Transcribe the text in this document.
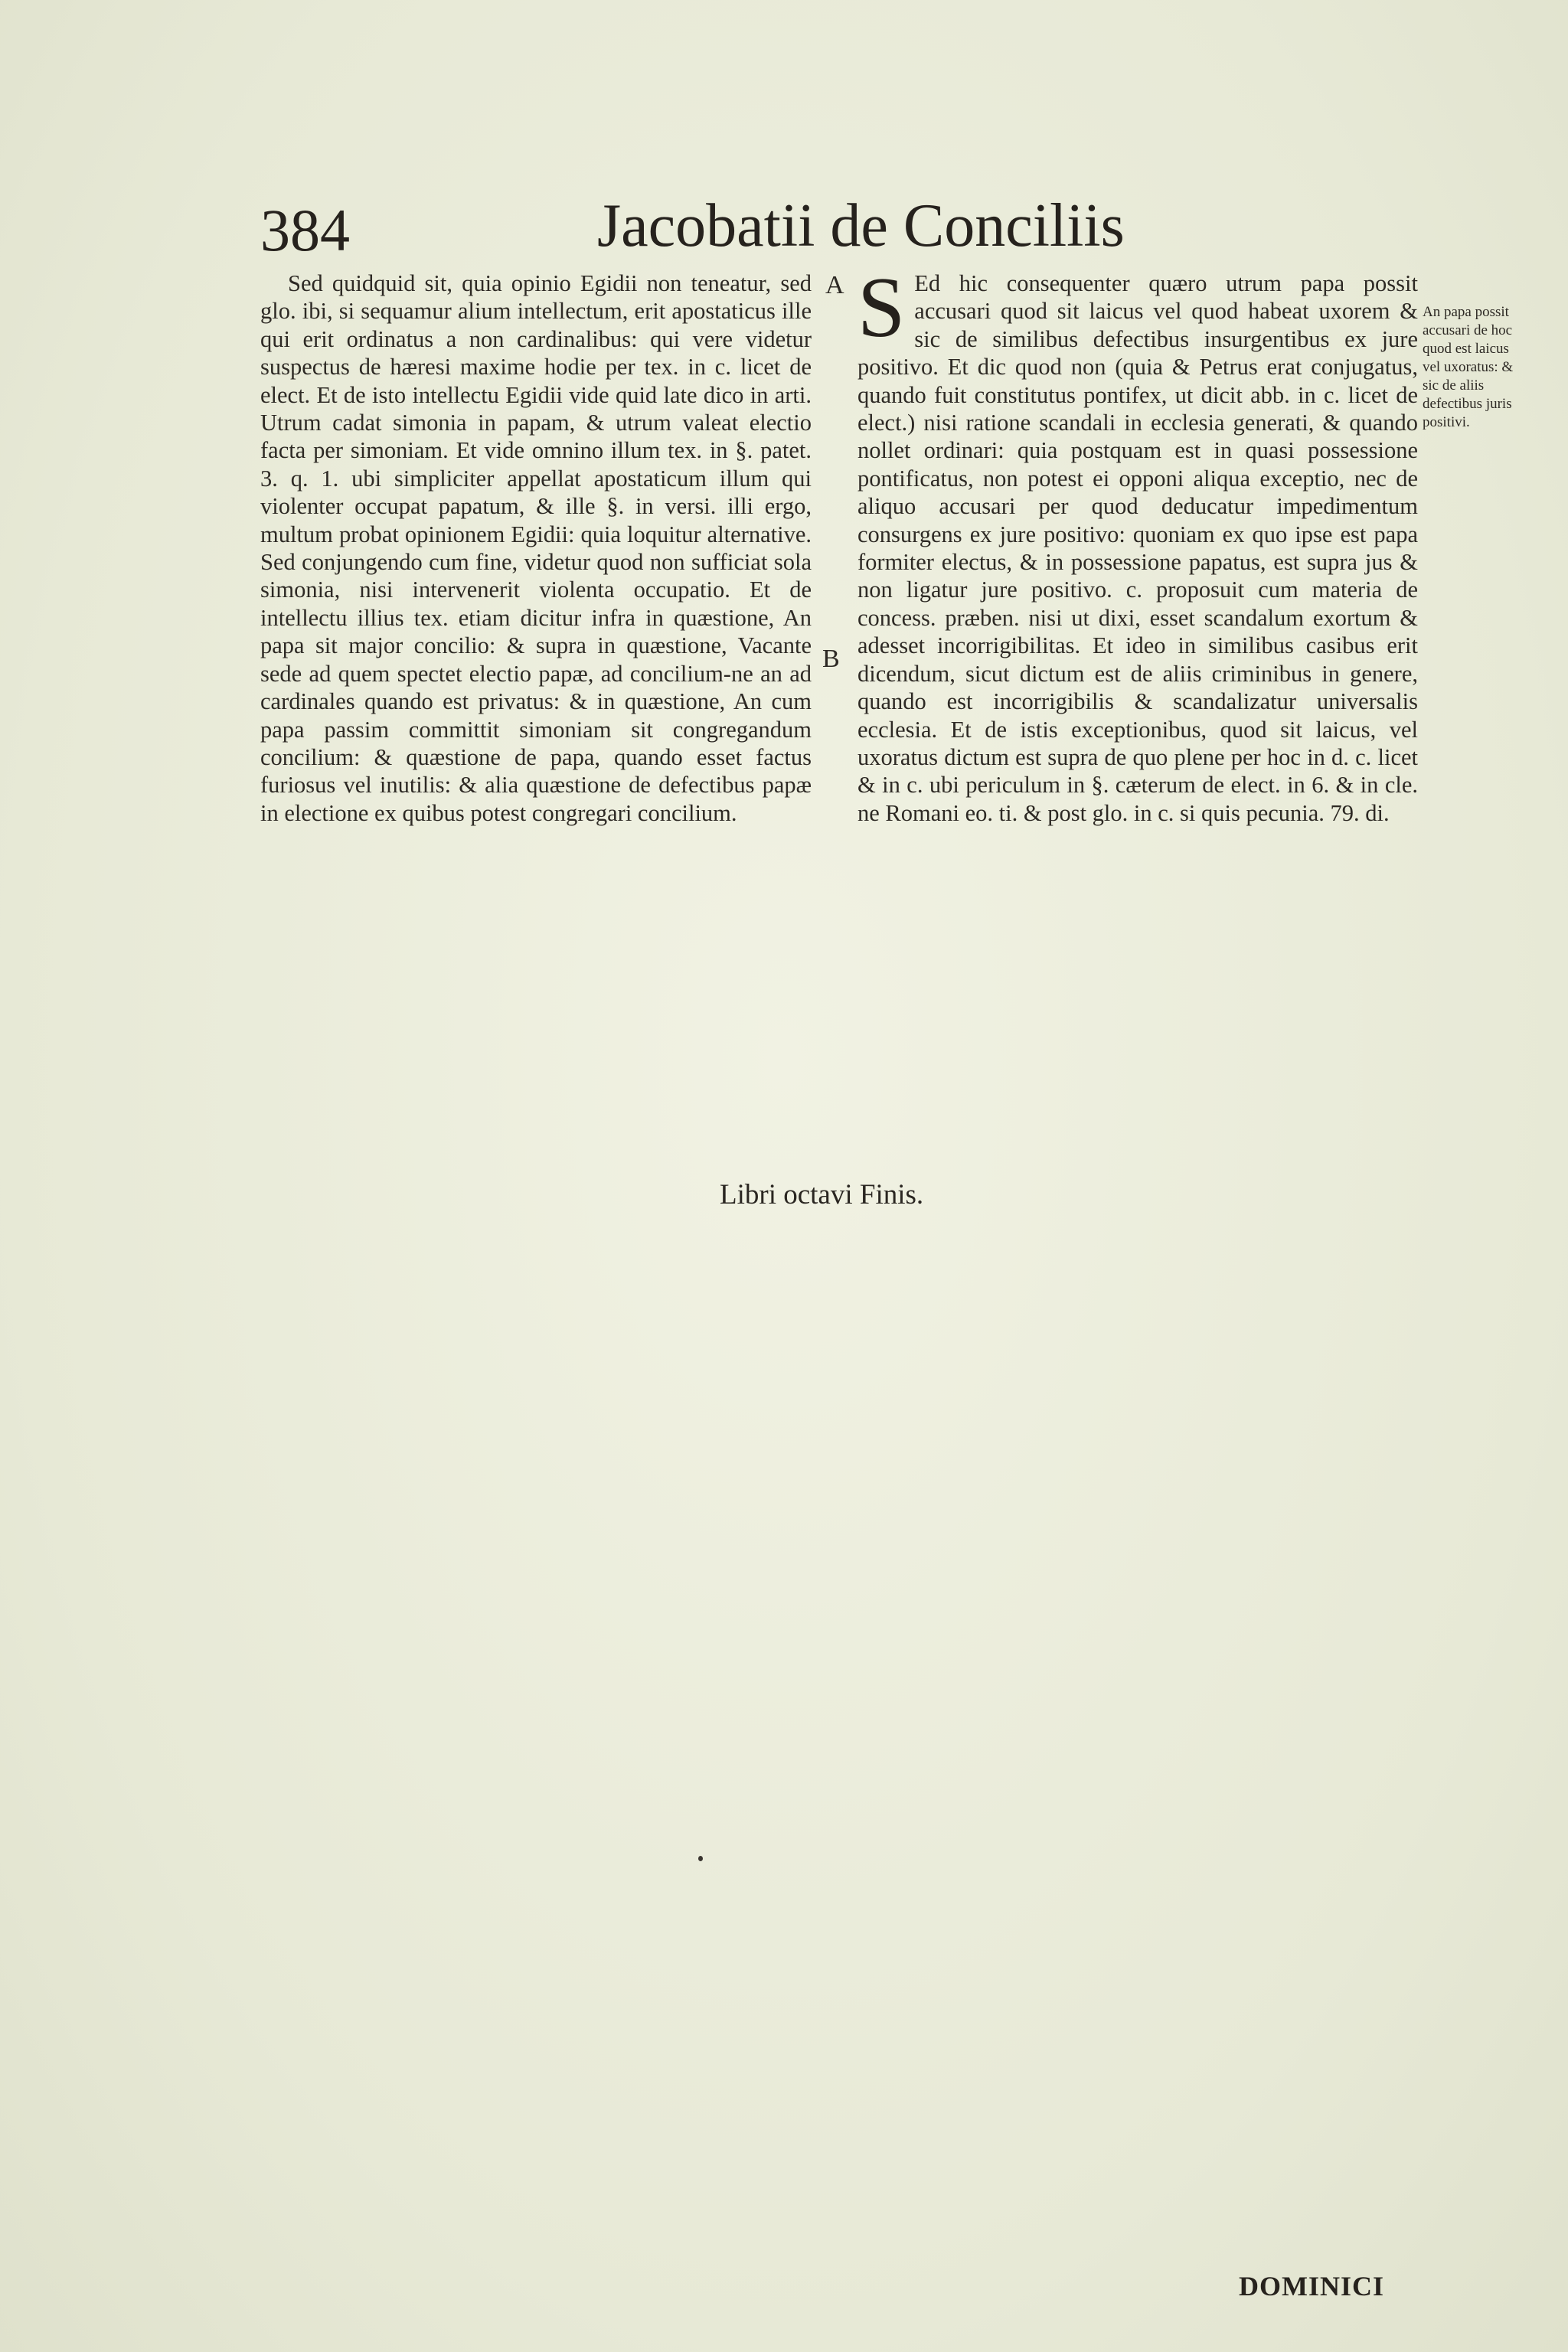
384	Jacobatii de Conciliis

Sed quidquid sit, quia opinio Egidii non teneatur, sed glo. ibi, si sequamur alium intellectum, erit apostaticus ille qui erit ordinatus a non cardinalibus: qui vere videtur suspectus de hæresi maxime hodie per tex. in c. licet de elect. Et de isto intellectu Egidii vide quid late dico in arti. Utrum cadat simonia in papam, & utrum valeat electio facta per simoniam. Et vide omnino illum tex. in §. patet. 3. q. 1. ubi simpliciter appellat apostaticum illum qui violenter occupat papatum, & ille §. in versi. illi ergo, multum probat opinionem Egidii: quia loquitur alternative. Sed conjungendo cum fine, videtur quod non sufficiat sola simonia, nisi intervenerit violenta occupatio. Et de intellectu illius tex. etiam dicitur infra in quæstione, An papa sit major concilio: & supra in quæstione, Vacante sede ad quem spectet electio papæ, ad concilium-ne an ad cardinales quando est privatus: & in quæstione, An cum papa passim committit simoniam sit congregandum concilium: & quæstione de papa, quando esset factus furiosus vel inutilis: & alia quæstione de defectibus papæ in electione ex quibus potest congregari concilium.

A
B
S Ed hic consequenter quæro utrum papa possit accusari quod sit laicus vel quod habeat uxorem & sic de similibus defectibus insurgentibus ex jure positivo. Et dic quod non (quia & Petrus erat conjugatus, quando fuit constitutus pontifex, ut dicit abb. in c. licet de elect.) nisi ratione scandali in ecclesia generati, & quando nollet ordinari: quia postquam est in quasi possessione pontificatus, non potest ei opponi aliqua exceptio, nec de aliquo accusari per quod deducatur impedimentum consurgens ex jure positivo: quoniam ex quo ipse est papa formiter electus, & in possessione papatus, est supra jus & non ligatur jure positivo. c. proposuit cum materia de concess. præben. nisi ut dixi, esset scandalum exortum & adesset incorrigibilitas. Et ideo in similibus casibus erit dicendum, sicut dictum est de aliis criminibus in genere, quando est incorrigibilis & scandalizatur universalis ecclesia. Et de istis exceptionibus, quod sit laicus, vel uxoratus dictum est supra de quo plene per hoc in d. c. licet & in c. ubi periculum in §. cæterum de elect. in 6. & in cle. ne Romani eo. ti. & post glo. in c. si quis pecunia. 79. di.

An papa possit accusari de hoc quod est laicus vel uxoratus: & sic de aliis defectibus juris positivi.
Libri octavi Finis.
DOMINICI
